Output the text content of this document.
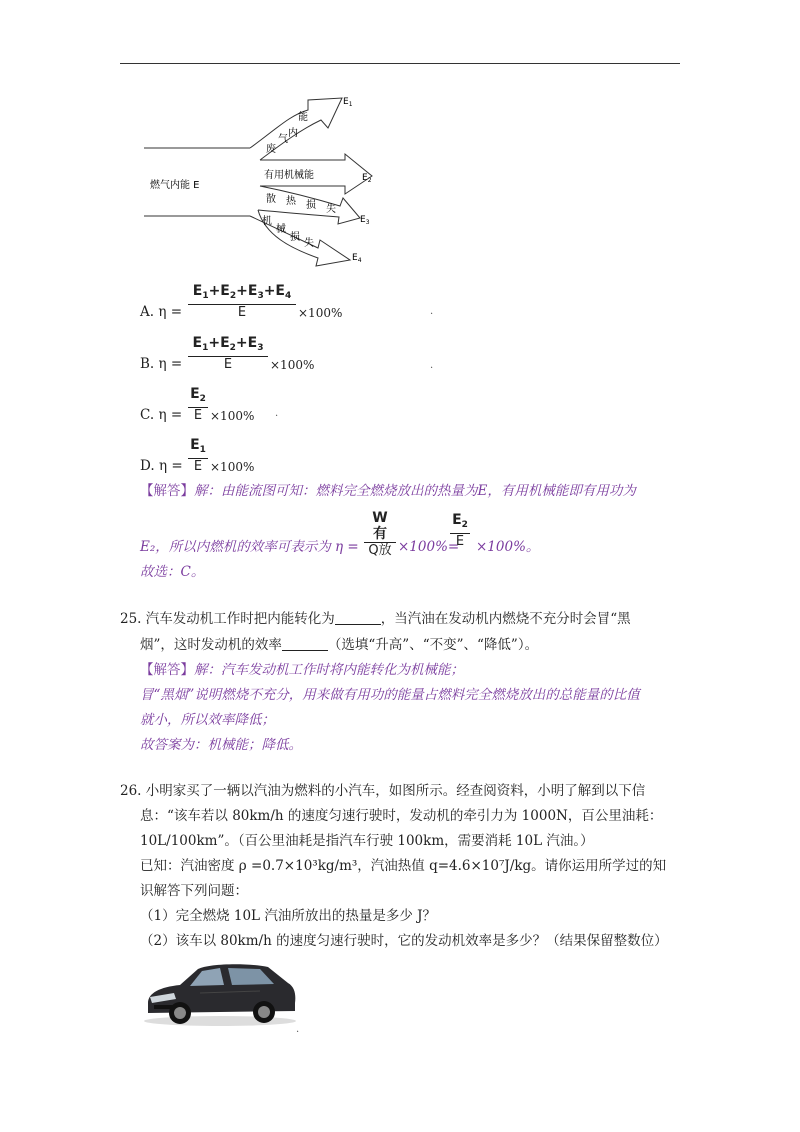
$E_1$
$E_2$
$E_3$
$E_4$
燃气内能 E
废
气
内
能
有用机械能
散 热 损 失
机
械
损
失
A. η =
$E_1+E_2+E_3+E_4$
E	×100%	.
B. η =
$E_1+E_2+E_3$
E	×100%	.
C. η =
$E_2$
E ×100% .
D. η =
$E_1$
E ×100%
【解答】解：由能流图可知：燃料完全燃烧放出的热量为E，有用机械能即有用功为
E₂，所以内燃机的效率可表示为 η =
W有
Q放 ×100%=
$E_2$
E ×100%。
故选：C。
25. 汽车发动机工作时把内能转化为	，当汽油在发动机内燃烧不充分时会冒“黑
烟”，这时发动机的效率	（选填“升高”、“不变”、“降低”）。
【解答】解：汽车发动机工作时将内能转化为机械能；
冒“黑烟”说明燃烧不充分，用来做有用功的能量占燃料完全燃烧放出的总能量的比值
就小，所以效率降低；
故答案为：机械能；降低。
26. 小明家买了一辆以汽油为燃料的小汽车，如图所示。经查阅资料，小明了解到以下信
息：“该车若以 80km/h 的速度匀速行驶时，发动机的牵引力为 1000N，百公里油耗：
10L/100km”。（百公里油耗是指汽车行驶 100km，需要消耗 10L 汽油。）
已知：汽油密度 ρ =0.7×10³kg/m³，汽油热值 q=4.6×10⁷J/kg。请你运用所学过的知
识解答下列问题：
（1）完全燃烧 10L 汽油所放出的热量是多少 J？
（2）该车以 80km/h 的速度匀速行驶时，它的发动机效率是多少？（结果保留整数位）
.
